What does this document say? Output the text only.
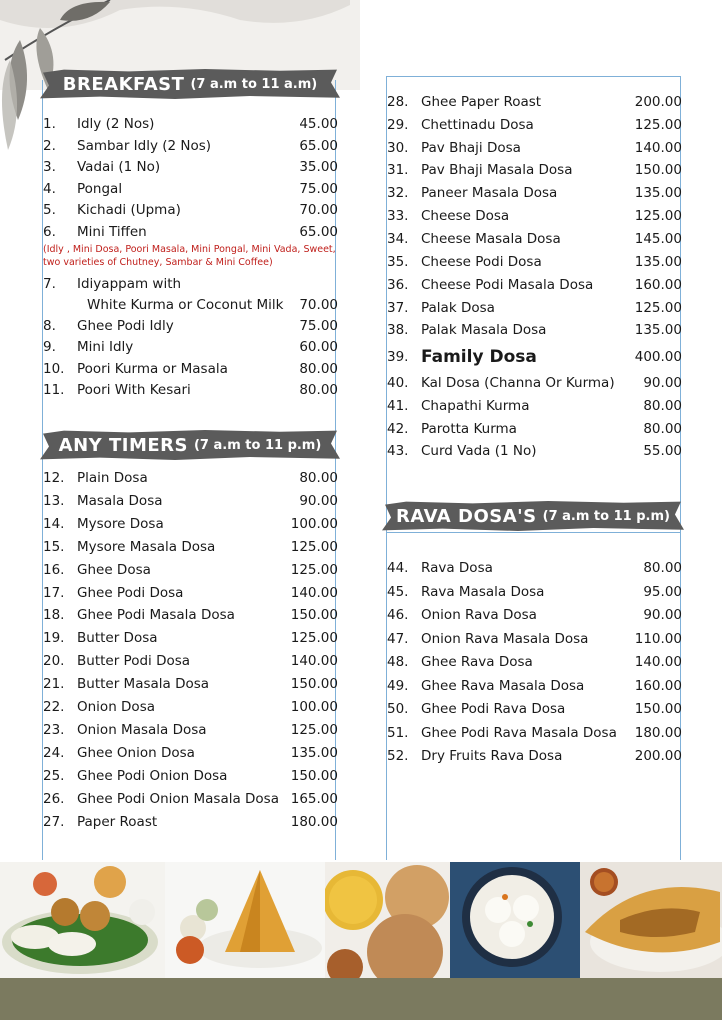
BREAKFAST (7 a.m to 11 a.m)
1.	Idly (2 Nos)	45.00
2.	Sambar Idly (2 Nos)	65.00
3.	Vadai (1 No)	35.00
4.	Pongal	75.00
5.	Kichadi (Upma)	70.00
6.	Mini Tiffen	65.00
(Idly , Mini Dosa, Poori Masala, Mini Pongal, Mini Vada, Sweet,
two varieties of Chutney, Sambar & Mini Coffee)
7.	Idiyappam with
White Kurma or Coconut Milk	70.00
8.	Ghee Podi Idly	75.00
9.	Mini Idly	60.00
10. Poori Kurma or Masala	80.00
11. Poori With Kesari	80.00
ANY TIMERS (7 a.m to 11 p.m)
12. Plain Dosa	80.00
13. Masala Dosa	90.00
14. Mysore Dosa	100.00
15. Mysore Masala Dosa	125.00
16. Ghee Dosa	125.00
17. Ghee Podi Dosa	140.00
18. Ghee Podi Masala Dosa	150.00
19. Butter Dosa	125.00
20. Butter Podi Dosa	140.00
21. Butter Masala Dosa	150.00
22. Onion Dosa	100.00
23. Onion Masala Dosa	125.00
24. Ghee Onion Dosa	135.00
25. Ghee Podi Onion Dosa	150.00
26. Ghee Podi Onion Masala Dosa 165.00
27. Paper Roast	180.00
28. Ghee Paper Roast	200.00
29. Chettinadu Dosa	125.00
30. Pav Bhaji Dosa	140.00
31. Pav Bhaji Masala Dosa	150.00
32. Paneer Masala Dosa	135.00
33. Cheese Dosa	125.00
34. Cheese Masala Dosa	145.00
35. Cheese Podi Dosa	135.00
36. Cheese Podi Masala Dosa	160.00
37. Palak Dosa	125.00
38. Palak Masala Dosa	135.00
39. Family Dosa	400.00
40. Kal Dosa (Channa Or Kurma)	90.00
41. Chapathi Kurma	80.00
42. Parotta Kurma	80.00
43. Curd Vada (1 No)	55.00
RAVA DOSA'S (7 a.m to 11 p.m)
44. Rava Dosa	80.00
45. Rava Masala Dosa	95.00
46. Onion Rava Dosa	90.00
47. Onion Rava Masala Dosa	110.00
48. Ghee Rava Dosa	140.00
49. Ghee Rava Masala Dosa	160.00
50. Ghee Podi Rava Dosa	150.00
51. Ghee Podi Rava Masala Dosa	180.00
52. Dry Fruits Rava Dosa	200.00
